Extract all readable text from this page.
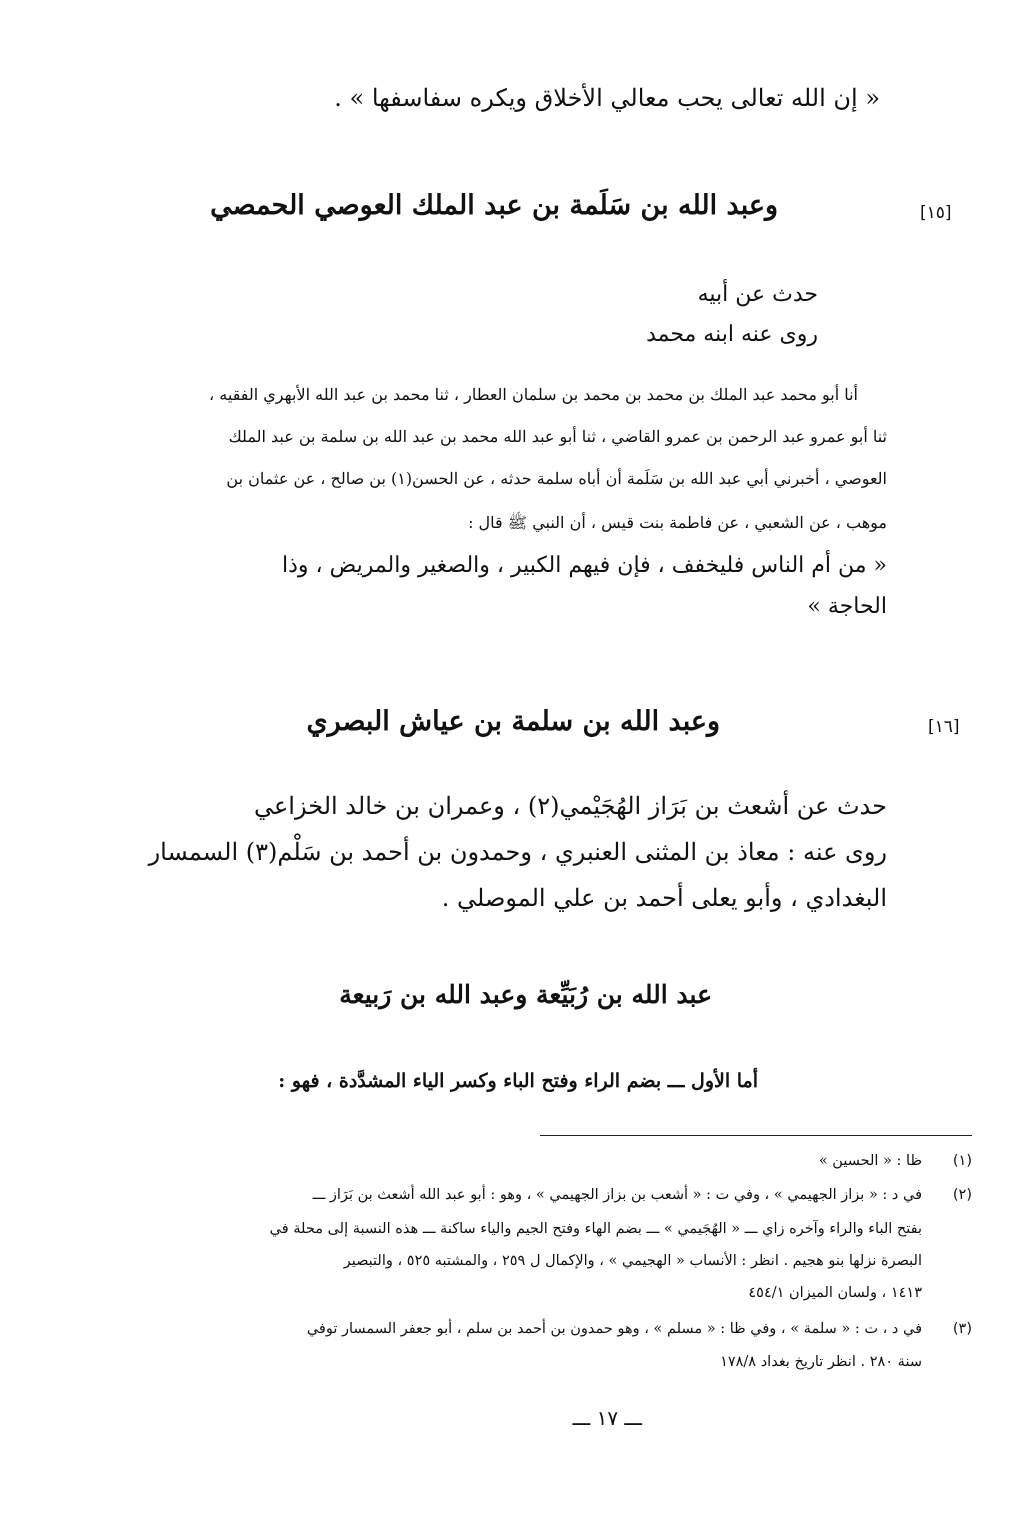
« إن الله تعالى يحب معالي الأخلاق ويكره سفاسفها » .
[١٥]
وعبد الله بن سَلَمة بن عبد الملك العوصي الحمصي
حدث عن أبيه
روى عنه ابنه محمد
أنا أبو محمد عبد الملك بن محمد بن محمد بن سلمان العطار ، ثنا محمد بن عبد الله الأبهري الفقيه ،
ثنا أبو عمرو عبد الرحمن بن عمرو القاضي ، ثنا أبو عبد الله محمد بن عبد الله بن سلمة بن عبد الملك
العوصي ، أخبرني أبي عبد الله بن سَلَمة أن أباه سلمة حدثه ، عن الحسن(١) بن صالح ، عن عثمان بن
موهب ، عن الشعبي ، عن فاطمة بنت قيس ، أن النبي ﷺ قال :
« من أم الناس فليخفف ، فإن فيهم الكبير ، والصغير والمريض ، وذا
الحاجة »
[١٦]
وعبد الله بن سلمة بن عياش البصري
حدث عن أشعث بن بَرَاز الهُجَيْمي(٢) ، وعمران بن خالد الخزاعي
روى عنه : معاذ بن المثنى العنبري ، وحمدون بن أحمد بن سَلْم(٣) السمسار
البغدادي ، وأبو يعلى أحمد بن علي الموصلي .
عبد الله بن رُبَيِّعة وعبد الله بن رَبيعة
أما الأول ـــ بضم الراء وفتح الباء وكسر الياء المشدَّدة ، فهو :
(١)
ظا : « الحسين »
(٢)
في د : « بزاز الجهيمي » ، وفي ت : « أشعب بن بزاز الجهيمي » ، وهو : أبو عبد الله أشعث بن بَرَاز ـــ
بفتح الباء والراء وآخره زاي ـــ « الهُجَيمي » ـــ بضم الهاء وفتح الجيم والياء ساكنة ـــ هذه النسبة إلى محلة في
البصرة نزلها بنو هجيم . انظر : الأنساب « الهجيمي » ، والإكمال ل ٢٥٩ ، والمشتبه ٥٢٥ ، والتبصير
١٤١٣ ، ولسان الميزان ٤٥٤/١
(٣)
في د ، ت : « سلمة » ، وفي ظا : « مسلم » ، وهو حمدون بن أحمد بن سلم ، أبو جعفر السمسار توفي
سنة ٢٨٠ . انظر تاريخ بغداد ١٧٨/٨
ـــ ١٧ ـــ
